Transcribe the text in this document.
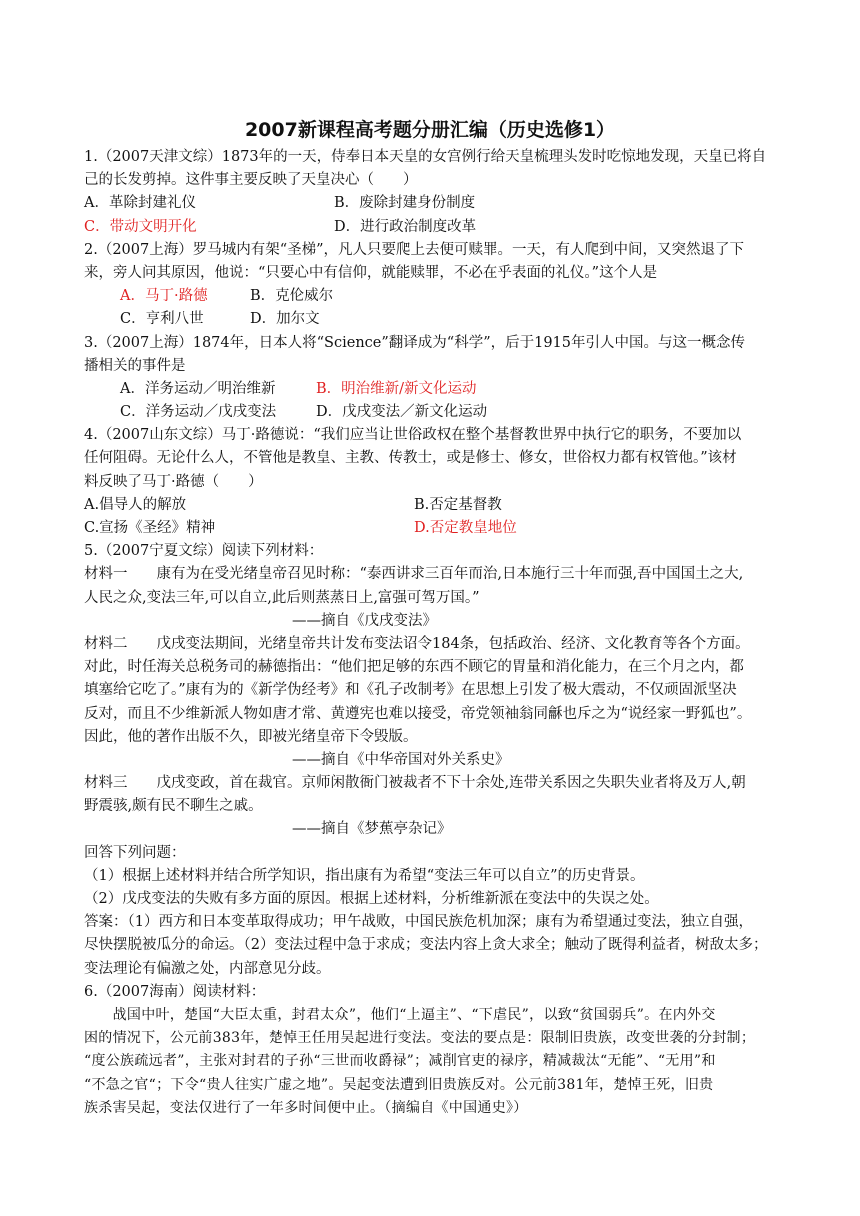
2007新课程高考题分册汇编（历史选修1）
1.（2007天津文综）1873年的一天，侍奉日本天皇的女宫例行给天皇梳理头发时吃惊地发现，天皇已将自
己的长发剪掉。这件事主要反映了天皇决心（　　）
A．革除封建礼仪	B．废除封建身份制度
C．带动文明开化	D．进行政治制度改革
2.（2007上海）罗马城内有架“圣梯”，凡人只要爬上去便可赎罪。一天，有人爬到中间，又突然退了下
来，旁人问其原因，他说：“只要心中有信仰，就能赎罪，不必在乎表面的礼仪。”这个人是
A．马丁·路德	B．克伦威尔
C．亨利八世	D．加尔文
3.（2007上海）1874年，日本人将“Science”翻译成为“科学”，后于1915年引人中国。与这一概念传
播相关的事件是
A．洋务运动／明治维新	B．明治维新/新文化运动
C．洋务运动／戊戌变法	D．戊戌变法／新文化运动
4.（2007山东文综）马丁·路德说：“我们应当让世俗政权在整个基督教世界中执行它的职务，不要加以
任何阻碍。无论什么人，不管他是教皇、主教、传教士，或是修士、修女，世俗权力都有权管他。”该材
料反映了马丁·路德（　　）
A.倡导人的解放	B.否定基督教
C.宣扬《圣经》精神	D.否定教皇地位
5.（2007宁夏文综）阅读下列材料：
材料一　　康有为在受光绪皇帝召见时称：“泰西讲求三百年而治,日本施行三十年而强,吾中国国土之大,
人民之众,变法三年,可以自立,此后则蒸蒸日上,富强可驾万国。”
——摘自《戊戌变法》
材料二　　戊戌变法期间，光绪皇帝共计发布变法诏令184条，包括政治、经济、文化教育等各个方面。
对此，时任海关总税务司的赫德指出：“他们把足够的东西不顾它的胃量和消化能力，在三个月之内，都
填塞给它吃了。”康有为的《新学伪经考》和《孔子改制考》在思想上引发了极大震动，不仅顽固派坚决
反对，而且不少维新派人物如唐才常、黄遵宪也难以接受，帝党领袖翁同龢也斥之为“说经家一野狐也”。
因此，他的著作出版不久，即被光绪皇帝下令毁版。
——摘自《中华帝国对外关系史》
材料三　　戊戌变政，首在裁官。京师闲散衙门被裁者不下十余处,连带关系因之失职失业者将及万人,朝
野震骇,颇有民不聊生之戚。
——摘自《梦蕉亭杂记》
回答下列问题：
（1）根据上述材料并结合所学知识，指出康有为希望“变法三年可以自立”的历史背景。
（2）戊戌变法的失败有多方面的原因。根据上述材料，分析维新派在变法中的失误之处。
答案：（1）西方和日本变革取得成功；甲午战败，中国民族危机加深；康有为希望通过变法，独立自强，
尽快摆脱被瓜分的命运。（2）变法过程中急于求成；变法内容上贪大求全；触动了既得利益者，树敌太多；
变法理论有偏激之处，内部意见分歧。
6.（2007海南）阅读材料：
　　战国中叶，楚国“大臣太重，封君太众”，他们“上逼主”、“下虐民”，以致“贫国弱兵”。在内外交
困的情况下，公元前383年，楚悼王任用吴起进行变法。变法的要点是：限制旧贵族，改变世袭的分封制；
“度公族疏远者”，主张对封君的子孙“三世而收爵禄”；减削官吏的禄序，精减裁汰“无能”、“无用”和
“不急之官“；下令“贵人往实广虚之地”。吴起变法遭到旧贵族反对。公元前381年，楚悼王死，旧贵
族杀害吴起，变法仅进行了一年多时间便中止。（摘编自《中国通史》）
